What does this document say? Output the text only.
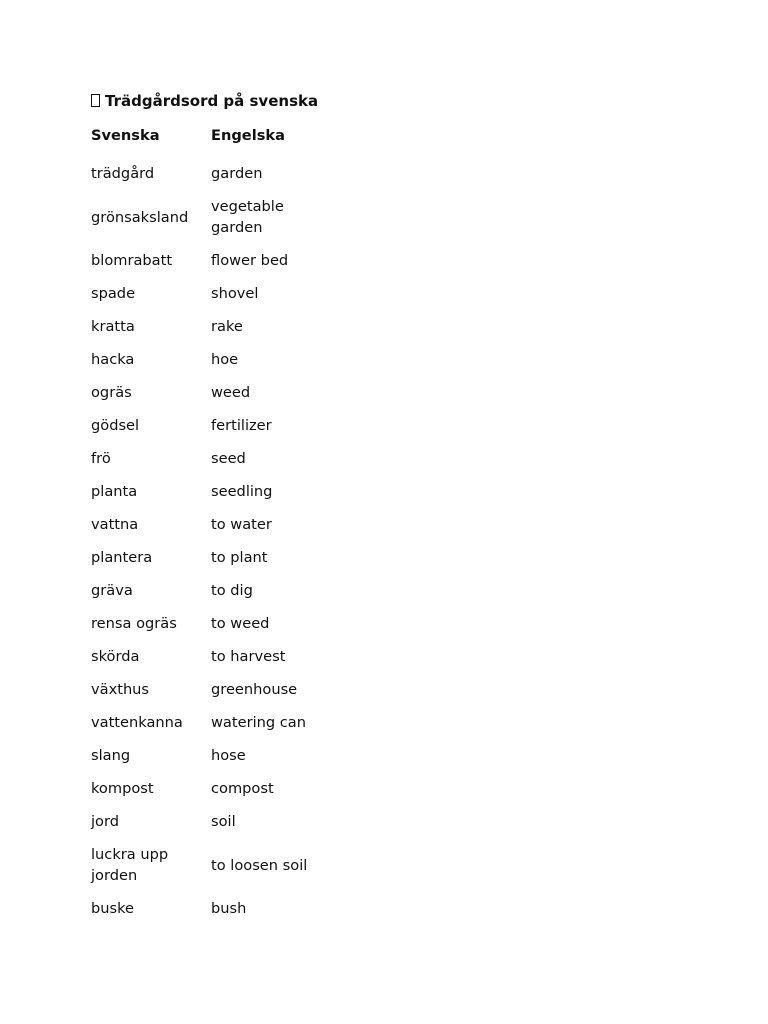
Trädgårdsord på svenska
Svenska	Engelska
trädgård	garden
grönsaksland	vegetable garden
blomrabatt	flower bed
spade	shovel
kratta	rake
hacka	hoe
ogräs	weed
gödsel	fertilizer
frö	seed
planta	seedling
vattna	to water
plantera	to plant
gräva	to dig
rensa ogräs	to weed
skörda	to harvest
växthus	greenhouse
vattenkanna	watering can
slang	hose
kompost	compost
jord	soil
luckra upp jorden	to loosen soil
buske	bush
